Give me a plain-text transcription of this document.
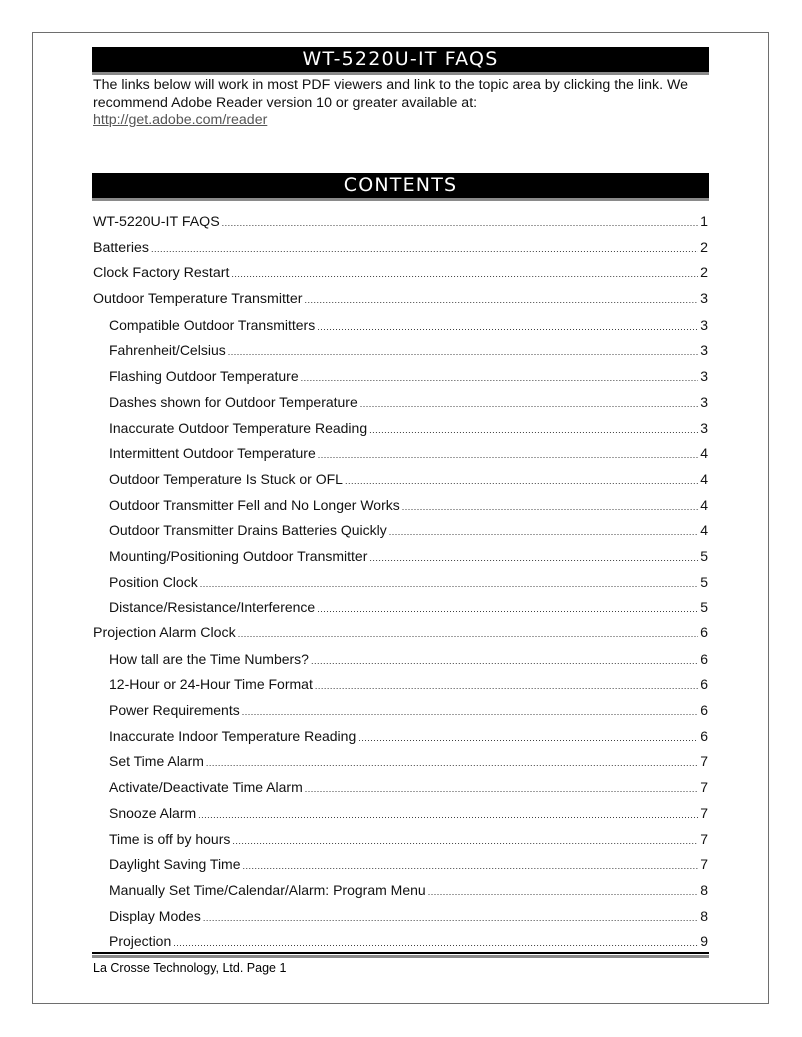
WT-5220U-IT FAQS
The links below will work in most PDF viewers and link to the topic area by clicking the link. We recommend Adobe Reader version 10 or greater available at:
http://get.adobe.com/reader
CONTENTS
WT-5220U-IT FAQS .....	1
Batteries .....	2
Clock Factory Restart .....	2
Outdoor Temperature Transmitter .....	3
Compatible Outdoor Transmitters .....	3
Fahrenheit/Celsius .....	3
Flashing Outdoor Temperature .....	3
Dashes shown for Outdoor Temperature .....	3
Inaccurate Outdoor Temperature Reading .....	3
Intermittent Outdoor Temperature .....	4
Outdoor Temperature Is Stuck or OFL .....	4
Outdoor Transmitter Fell and No Longer Works .....	4
Outdoor Transmitter Drains Batteries Quickly .....	4
Mounting/Positioning Outdoor Transmitter .....	5
Position Clock .....	5
Distance/Resistance/Interference .....	5
Projection Alarm Clock .....	6
How tall are the Time Numbers? .....	6
12-Hour or 24-Hour Time Format .....	6
Power Requirements .....	6
Inaccurate Indoor Temperature Reading .....	6
Set Time Alarm .....	7
Activate/Deactivate Time Alarm .....	7
Snooze Alarm .....	7
Time is off by hours .....	7
Daylight Saving Time .....	7
Manually Set Time/Calendar/Alarm: Program Menu .....	8
Display Modes .....	8
Projection .....	9
La Crosse Technology, Ltd. Page 1
